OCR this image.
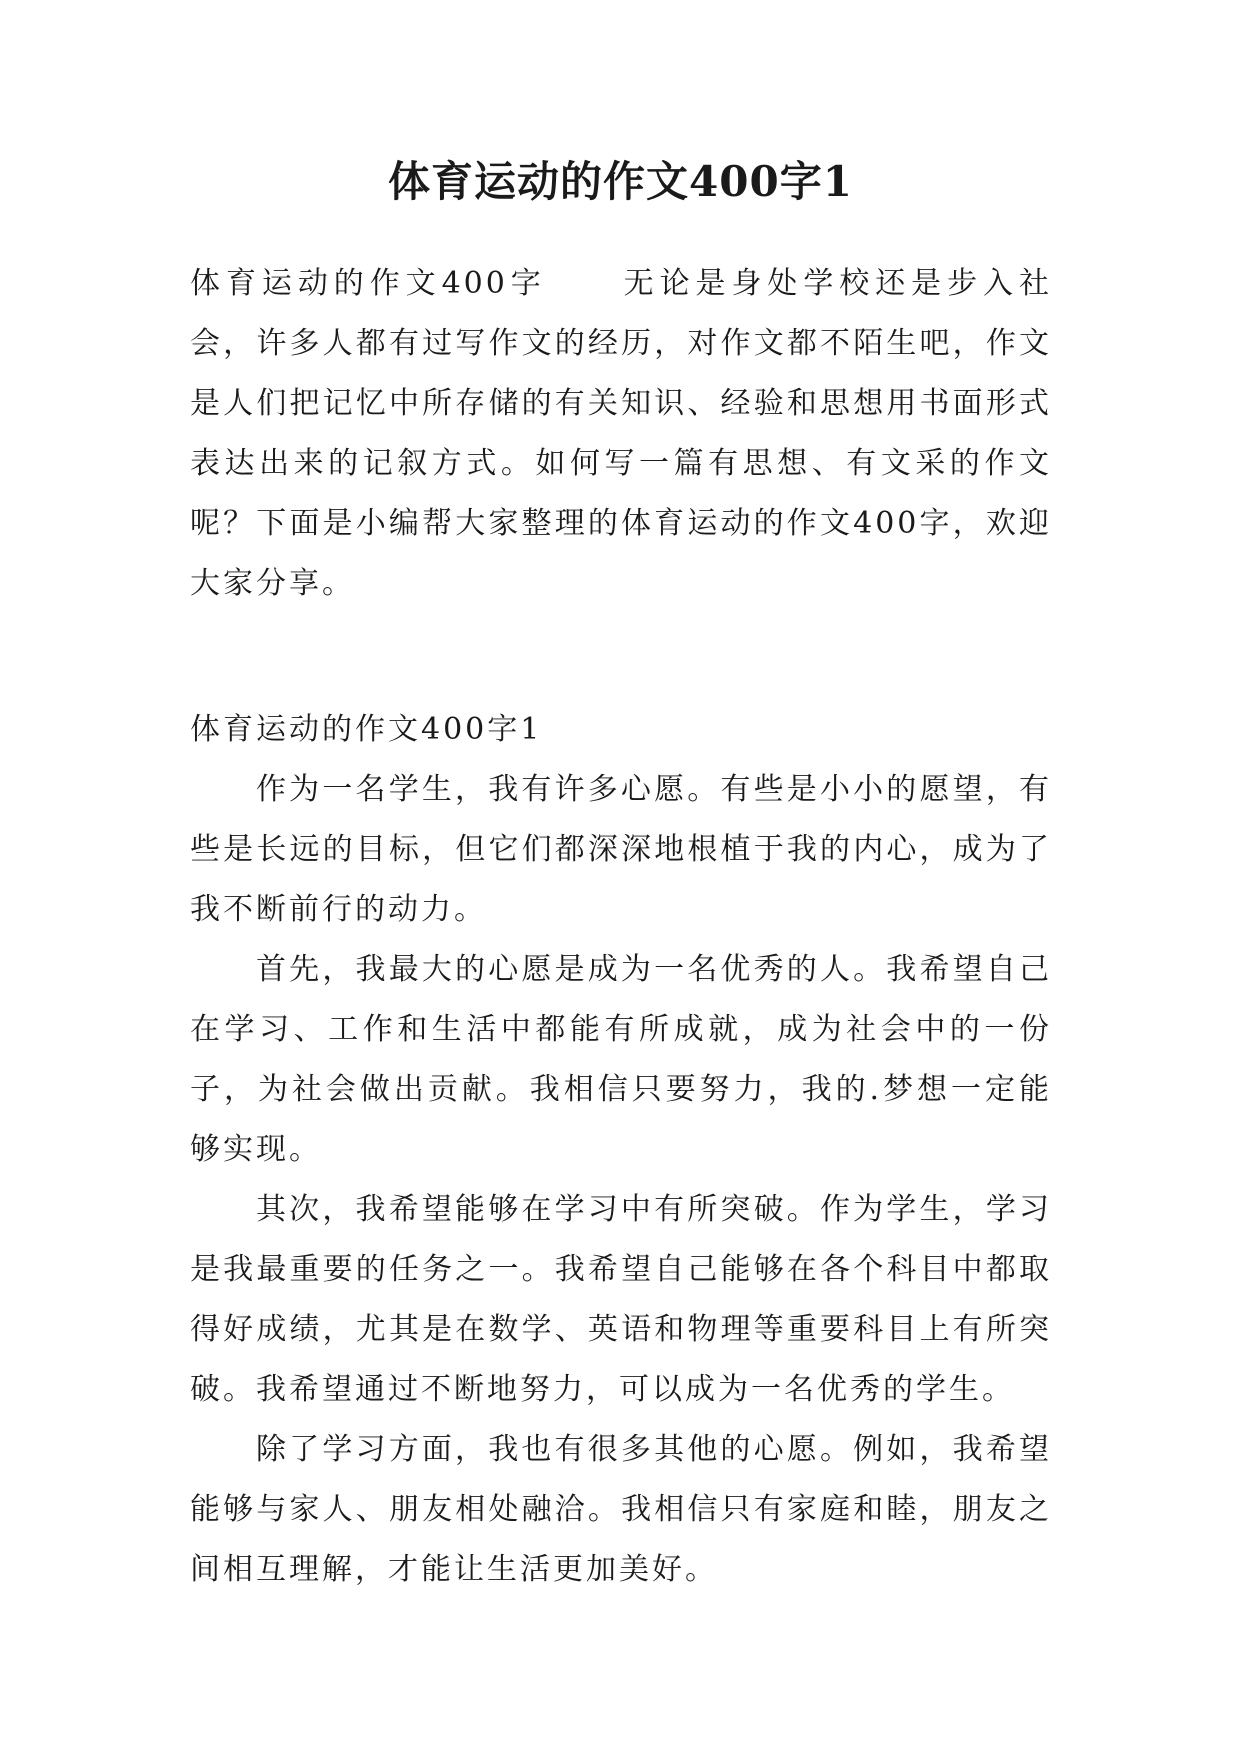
体育运动的作文400字1

体育运动的作文400字 无论是身处学校还是步入社会，许多人都有过写作文的经历，对作文都不陌生吧，作文是人们把记忆中所存储的有关知识、经验和思想用书面形式表达出来的记叙方式。如何写一篇有思想、有文采的作文呢？下面是小编帮大家整理的体育运动的作文400字，欢迎大家分享。

体育运动的作文400字1

作为一名学生，我有许多心愿。有些是小小的愿望，有些是长远的目标，但它们都深深地根植于我的内心，成为了我不断前行的动力。

首先，我最大的心愿是成为一名优秀的人。我希望自己在学习、工作和生活中都能有所成就，成为社会中的一份子，为社会做出贡献。我相信只要努力，我的.梦想一定能够实现。

其次，我希望能够在学习中有所突破。作为学生，学习是我最重要的任务之一。我希望自己能够在各个科目中都取得好成绩，尤其是在数学、英语和物理等重要科目上有所突破。我希望通过不断地努力，可以成为一名优秀的学生。

除了学习方面，我也有很多其他的心愿。例如，我希望能够与家人、朋友相处融洽。我相信只有家庭和睦，朋友之间相互理解，才能让生活更加美好。
